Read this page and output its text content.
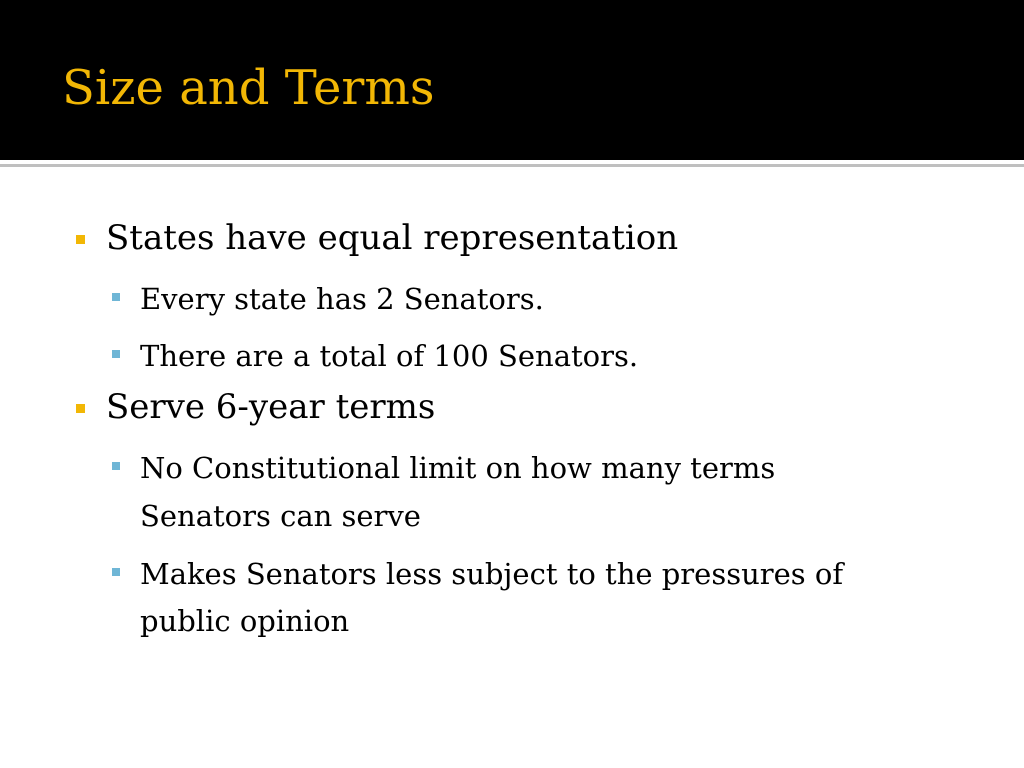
Size and Terms
States have equal representation
Every state has 2 Senators.
There are a total of 100 Senators.
Serve 6-year terms
No Constitutional limit on how many terms
Senators can serve
Makes Senators less subject to the pressures of
public opinion
